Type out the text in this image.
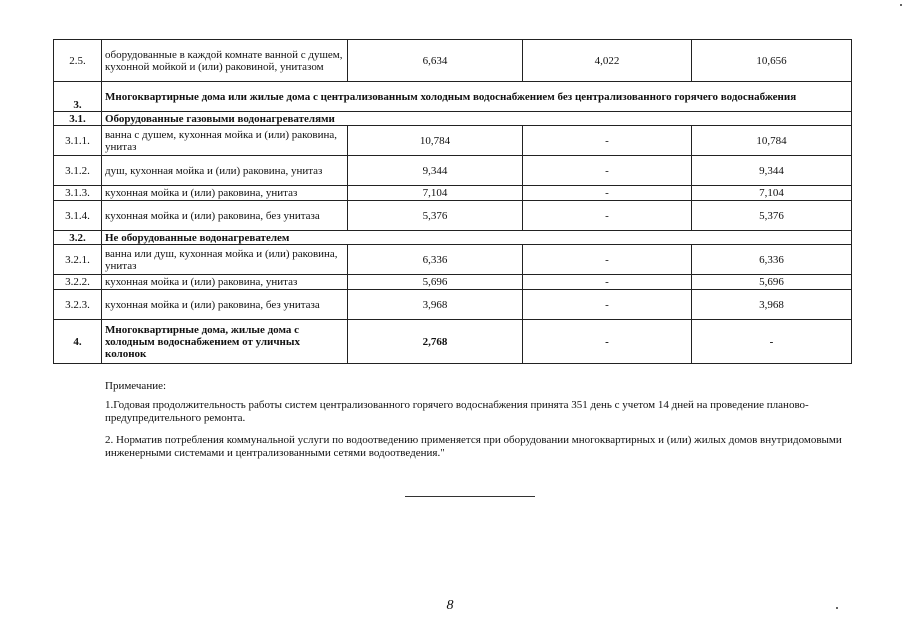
2.5.	оборудованные в каждой комнате ванной с душем, кухонной мойкой и (или) раковиной, унитазом	6,634	4,022	10,656
3.	Многоквартирные дома или жилые дома с централизованным холодным водоснабжением без централизованного горячего водоснабжения			
3.1.	Оборудованные газовыми водонагревателями			
3.1.1.	ванна с душем, кухонная мойка и (или) раковина, унитаз	10,784	-	10,784
3.1.2.	душ, кухонная мойка и (или) раковина, унитаз	9,344	-	9,344
3.1.3.	кухонная мойка и (или) раковина, унитаз	7,104	-	7,104
3.1.4.	кухонная мойка и (или) раковина, без унитаза	5,376	-	5,376
3.2.	Не оборудованные водонагревателем			
3.2.1.	ванна или душ, кухонная мойка и (или) раковина, унитаз	6,336	-	6,336
3.2.2.	кухонная мойка и (или) раковина, унитаз	5,696	-	5,696
3.2.3.	кухонная мойка и (или) раковина, без унитаза	3,968	-	3,968
4.	Многоквартирные дома, жилые дома с холодным водоснабжением от уличных колонок	2,768	-	-

Примечание:

1.Годовая продолжительность работы систем централизованного горячего водоснабжения принята 351 день с учетом 14 дней на проведение планово-предупредительного ремонта.

2. Норматив потребления коммунальной услуги по водоотведению применяется при оборудовании многоквартирных и (или) жилых домов внутридомовыми инженерными системами и централизованными сетями водоотведения."

8
